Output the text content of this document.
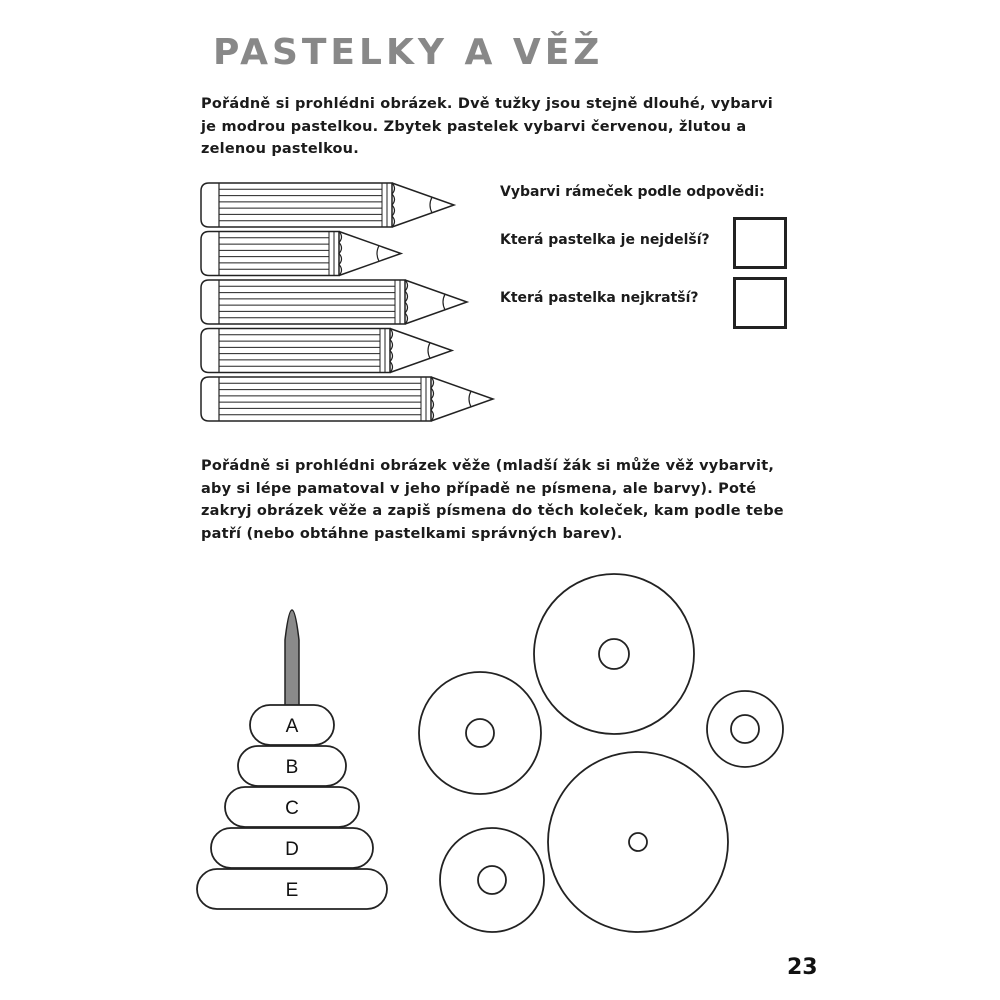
PASTELKY A VĚŽ

Pořádně si prohlédni obrázek. Dvě tužky jsou stejně dlouhé, vybarvi je modrou pastelkou. Zbytek pastelek vybarvi červenou, žlutou a zelenou pastelkou.

Vybarvi rámeček podle odpovědi:

Která pastelka je nejdelší?

Která pastelka nejkratší?

Pořádně si prohlédni obrázek věže (mladší žák si může věž vybarvit, aby si lépe pamatoval v jeho případě ne písmena, ale barvy). Poté zakryj obrázek věže a zapiš písmena do těch koleček, kam podle tebe patří (nebo obtáhne pastelkami správných barev).

A
B
C
D
E

23
